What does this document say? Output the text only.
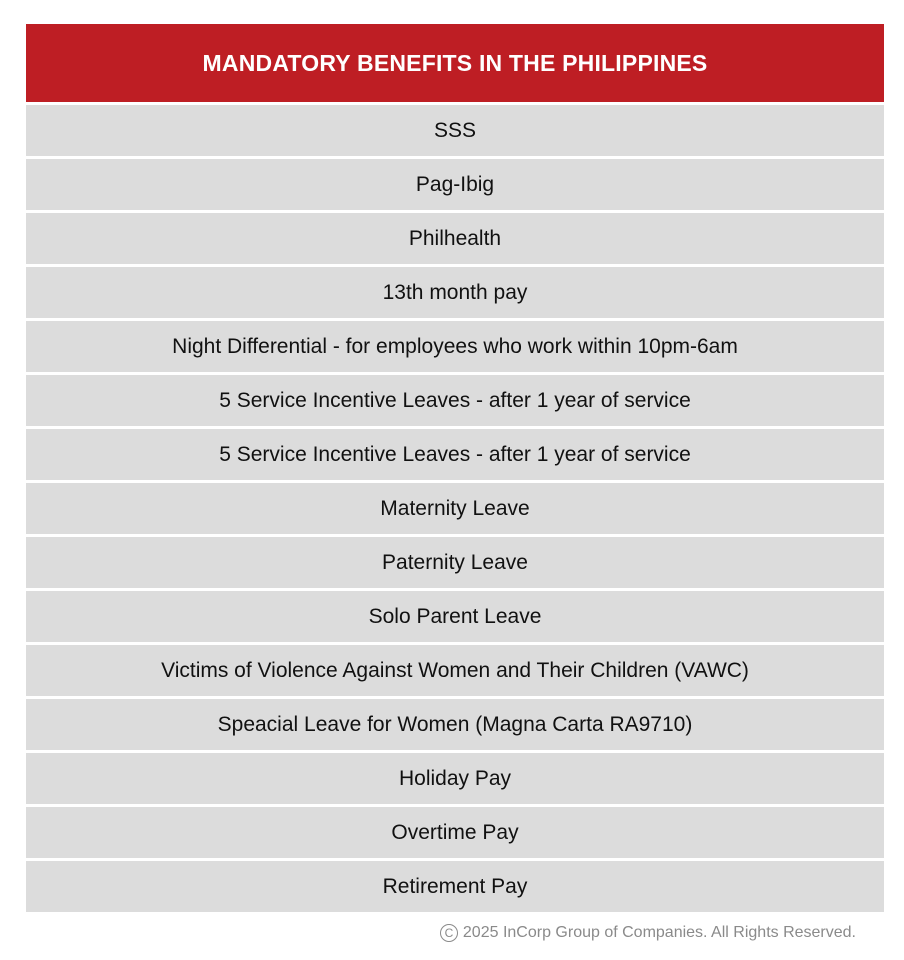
MANDATORY BENEFITS IN THE PHILIPPINES
SSS
Pag-Ibig
Philhealth
13th month pay
Night Differential - for employees who work within 10pm-6am
5 Service Incentive Leaves - after 1 year of service
5 Service Incentive Leaves - after 1 year of service
Maternity Leave
Paternity Leave
Solo Parent Leave
Victims of Violence Against Women and Their Children (VAWC)
Speacial Leave for Women (Magna Carta RA9710)
Holiday Pay
Overtime Pay
Retirement Pay
C 2025 InCorp Group of Companies. All Rights Reserved.
